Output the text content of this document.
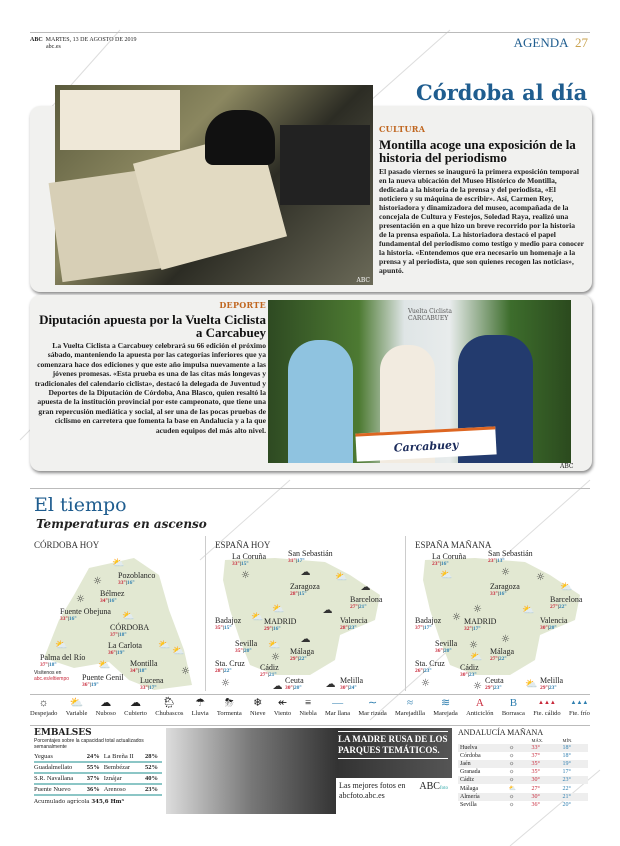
ABC MARTES, 13 DE AGOSTO DE 2019
abc.es	AGENDA 27
Córdoba al día
ABC
CULTURA
Montilla acoge una exposición de la historia del periodismo
El pasado viernes se inauguró la primera exposición temporal en la nueva ubicación del Museo Histórico de Montilla, dedicada a la historia de la prensa y del periodista, «El noticiero y su máquina de escribir». Así, Carmen Rey, historiadora y dinamizadora del museo, acompañada de la concejala de Cultura y Festejos, Soledad Raya, realizó una presentación en a que hizo un breve recorrido por la historia de la prensa española. La historiadora destacó el papel fundamental del periodismo como testigo y medio para conocer la historia. «Entendemos que era necesario un homenaje a la prensa y al periodista, que son quienes recogen las noticias», apuntó.
DEPORTE
Diputación apuesta por la Vuelta Ciclista a Carcabuey
La Vuelta Ciclista a Carcabuey celebrará su 66 edición el próximo sábado, manteniendo la apuesta por las categorías inferiores que ya comenzara hace dos ediciones y que este año impulsa nuevamente a las jóvenes promesas. «Esta prueba es una de las citas más longevas y tradicionales del calendario ciclista», destacó la delegada de Juventud y Deportes de la Diputación de Córdoba, Ana Blasco, quien resaltó la apuesta de la institución provincial por este campeonato, que tiene una gran repercusión mediática y social, al ser una de las pocas pruebas de ciclismo en carretera que fomenta la base en Andalucía y a la que acuden equipos del más alto nivel.
Vuelta Ciclista CARCABUEY
Carcabuey
ABC
El tiempo
Temperaturas en ascenso
CÓRDOBA HOY
Visítenos en
abc.es/eltiempo
ESPAÑA HOY	ESPAÑA MAÑANA
Pozoblanco
33°|16°
⛅
Bélmez
34°|16°
☼
Fuente Obejuna
33°|16°
☼
CÓRDOBA
37°|18°
⛅
La Carlota
36°|19°
⛅
Palma del Río
37°|18°
⛅
Puente Genil
36°|19°
⛅ Montilla
34°|18°
⛅
Lucena
33°|17°
☼
La Coruña
33°|15°
☼
San Sebastián
31°|17°
☁
Zaragoza
28°|15°
⛅
Barcelona
27°|21°
☁
Badajoz
35°|15°
⛅ MADRID
29°|16°
⛅
Valencia
28°|23°
☁
Sevilla
35°|20°	⛅
Málaga
29°|22°
☁
Cádiz
27°|21°
☼
Sta. Cruz
28°|22°
☼	Ceuta
30°|20°
☁
Melilla
30°|24°
☁
La Coruña
23°|16°
⛅
San Sebastián
23°|13°
☼
Zaragoza
33°|16°
☼
Barcelona
27°|22°
⛅
Badajoz
37°|17°
☼ MADRID
32°|17°
☼
Valencia
30°|20°
⛅
Sevilla
36°|20°	☼
Málaga
27°|22°
☼
Cádiz
30°|23°
⛅
Sta. Cruz
26°|23°
☼	Ceuta
29°|23°
☼
Melilla
29°|23°
⛅
☼
Despejado
⛅
Variable
☁
Nuboso
☁
Cubierto
🌦
Chubascos
☂
Lluvia
⛈
Tormenta
❄
Nieve
↞
Viento
≡
Niebla
—
Mar llana
∼
Mar rizada
≈
Marejadilla
≋
Marejada
A
Anticiclón
B
Borrasca
▲▲▲
Fte. cálido
▲▲▲
Fte. frío
EMBALSES
Porcentajes sobre la capacidad total actualizados semanalmente
Yeguas	24%	La Breña II	28%
Guadalmellato	55%	Bembézar	52%
S.R. Navallana	37%	Iznájar	40%
Puente Nuevo	36%	Arenoso	23%
Acumulado agrícola 345,6 Hm³
LA MADRE RUSA DE LOS PARQUES TEMÁTICOS.
Las mejores fotos en abcfoto.abc.es
ABCfoto
ANDALUCÍA MAÑANA
		MÁX.	MÍN.
Huelva	☼	33°	18°
Córdoba	☼	37°	18°
Jaén	☼	35°	19°
Granada	☼	35°	17°
Cádiz	☼	30°	23°
Málaga	⛅	27°	22°
Almería	☼	30°	21°
Sevilla	☼	36°	20°
